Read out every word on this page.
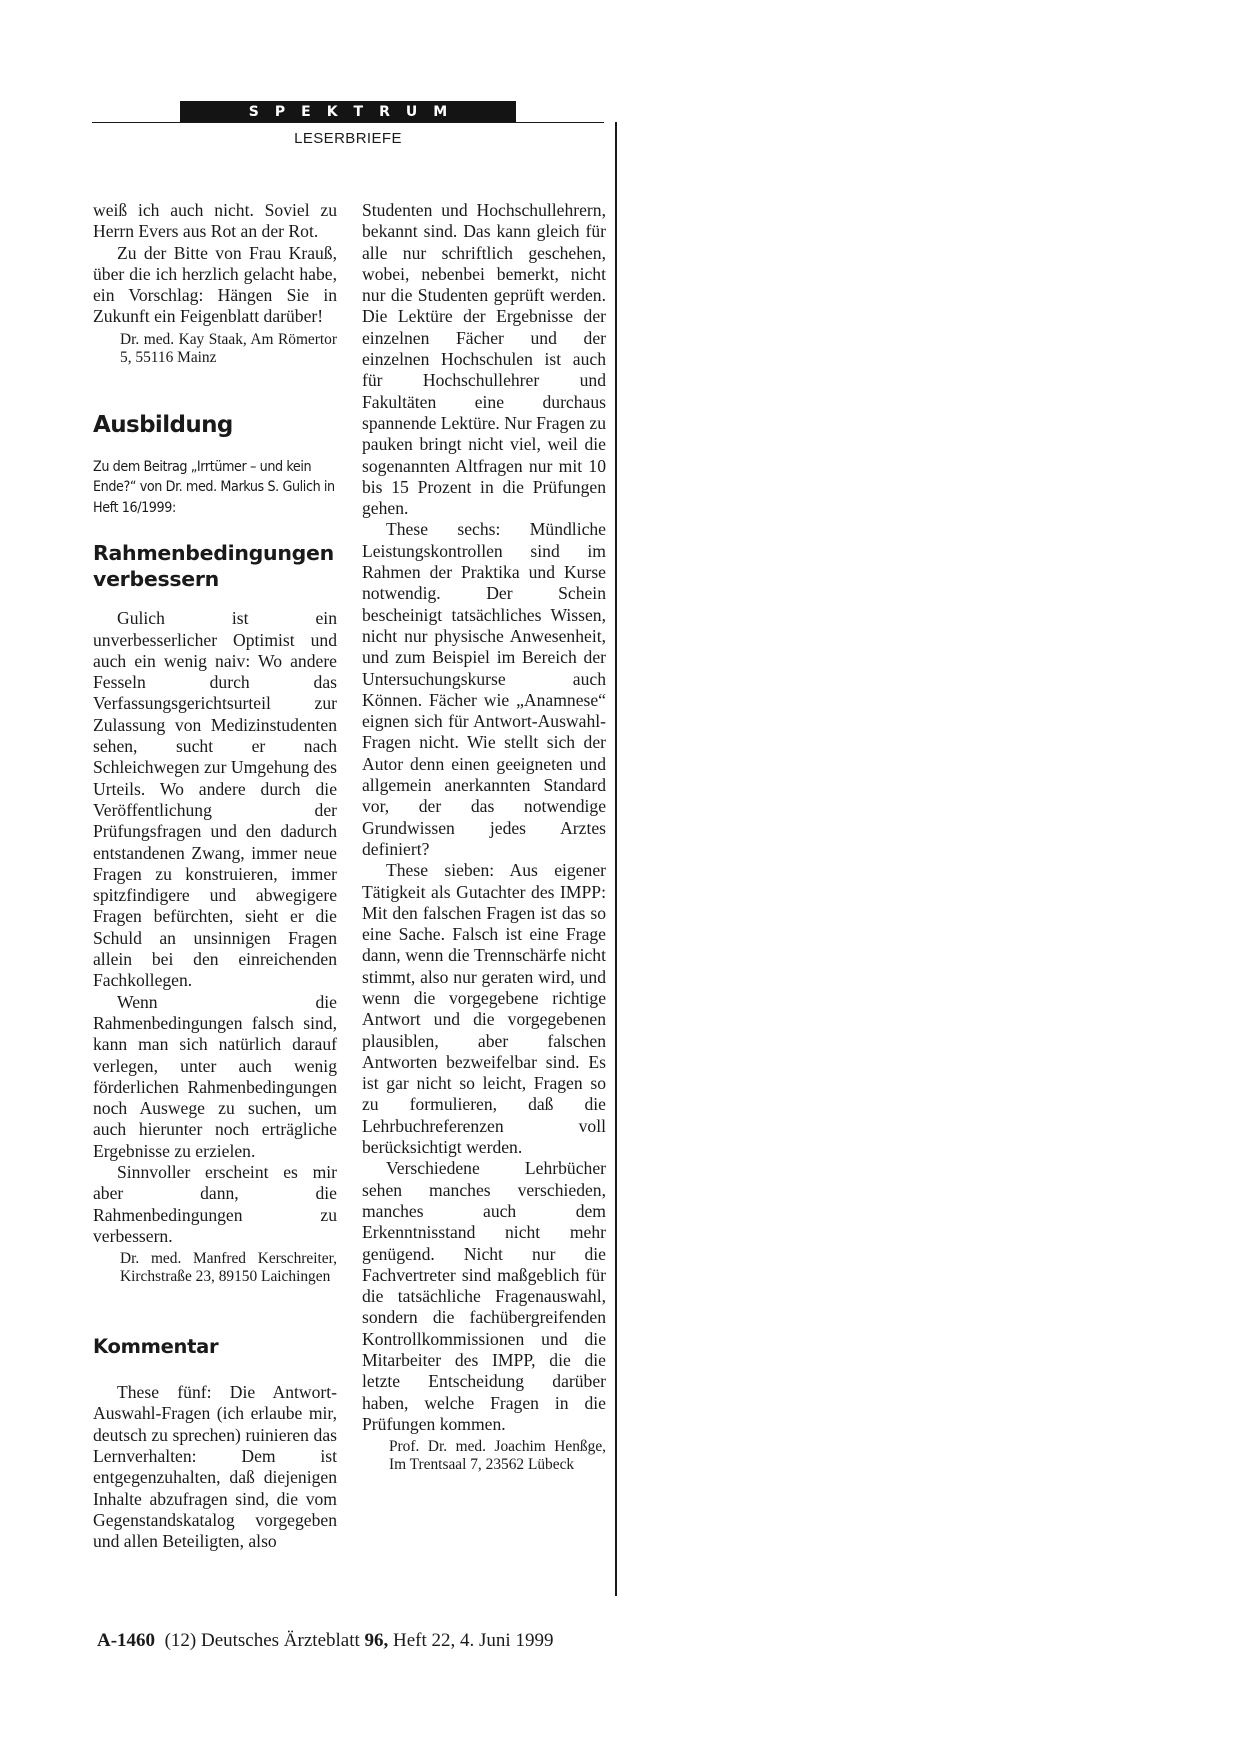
SPEKTRUM
LESERBRIEFE

weiß ich auch nicht. Soviel zu Herrn Evers aus Rot an der Rot.

Zu der Bitte von Frau Krauß, über die ich herzlich gelacht habe, ein Vorschlag: Hängen Sie in Zukunft ein Feigenblatt darüber!

Dr. med. Kay Staak, Am Römertor 5, 55116 Mainz

Ausbildung
Zu dem Beitrag „Irrtümer – und kein Ende?“ von Dr. med. Markus S. Gulich in Heft 16/1999:
Rahmenbedingungen verbessern

Gulich ist ein unverbesserlicher Optimist und auch ein wenig naiv: Wo andere Fesseln durch das Verfassungsgerichtsurteil zur Zulassung von Medizinstudenten sehen, sucht er nach Schleichwegen zur Umgehung des Urteils. Wo andere durch die Veröffentlichung der Prüfungsfragen und den dadurch entstandenen Zwang, immer neue Fragen zu konstruieren, immer spitzfindigere und abwegigere Fragen befürchten, sieht er die Schuld an unsinnigen Fragen allein bei den einreichenden Fachkollegen.

Wenn die Rahmenbedingungen falsch sind, kann man sich natürlich darauf verlegen, unter auch wenig förderlichen Rahmenbedingungen noch Auswege zu suchen, um auch hierunter noch erträgliche Ergebnisse zu erzielen.

Sinnvoller erscheint es mir aber dann, die Rahmenbedingungen zu verbessern.

Dr. med. Manfred Kerschreiter, Kirchstraße 23, 89150 Laichingen

Kommentar

These fünf: Die Antwort-Auswahl-Fragen (ich erlaube mir, deutsch zu sprechen) ruinieren das Lernverhalten: Dem ist entgegenzuhalten, daß diejenigen Inhalte abzufragen sind, die vom Gegenstandskatalog vorgegeben und allen Beteiligten, also

Studenten und Hochschullehrern, bekannt sind. Das kann gleich für alle nur schriftlich geschehen, wobei, nebenbei bemerkt, nicht nur die Studenten geprüft werden. Die Lektüre der Ergebnisse der einzelnen Fächer und der einzelnen Hochschulen ist auch für Hochschullehrer und Fakultäten eine durchaus spannende Lektüre. Nur Fragen zu pauken bringt nicht viel, weil die sogenannten Altfragen nur mit 10 bis 15 Prozent in die Prüfungen gehen.

These sechs: Mündliche Leistungskontrollen sind im Rahmen der Praktika und Kurse notwendig. Der Schein bescheinigt tatsächliches Wissen, nicht nur physische Anwesenheit, und zum Beispiel im Bereich der Untersuchungskurse auch Können. Fächer wie „Anamnese“ eignen sich für Antwort-Auswahl-Fragen nicht. Wie stellt sich der Autor denn einen geeigneten und allgemein anerkannten Standard vor, der das notwendige Grundwissen jedes Arztes definiert?

These sieben: Aus eigener Tätigkeit als Gutachter des IMPP: Mit den falschen Fragen ist das so eine Sache. Falsch ist eine Frage dann, wenn die Trennschärfe nicht stimmt, also nur geraten wird, und wenn die vorgegebene richtige Antwort und die vorgegebenen plausiblen, aber falschen Antworten bezweifelbar sind. Es ist gar nicht so leicht, Fragen so zu formulieren, daß die Lehrbuchreferenzen voll berücksichtigt werden.

Verschiedene Lehrbücher sehen manches verschieden, manches auch dem Erkenntnisstand nicht mehr genügend. Nicht nur die Fachvertreter sind maßgeblich für die tatsächliche Fragenauswahl, sondern die fachübergreifenden Kontrollkommissionen und die Mitarbeiter des IMPP, die die letzte Entscheidung darüber haben, welche Fragen in die Prüfungen kommen.

Prof. Dr. med. Joachim Henßge, Im Trentsaal 7, 23562 Lübeck

A-1460 (12) Deutsches Ärzteblatt 96, Heft 22, 4. Juni 1999
